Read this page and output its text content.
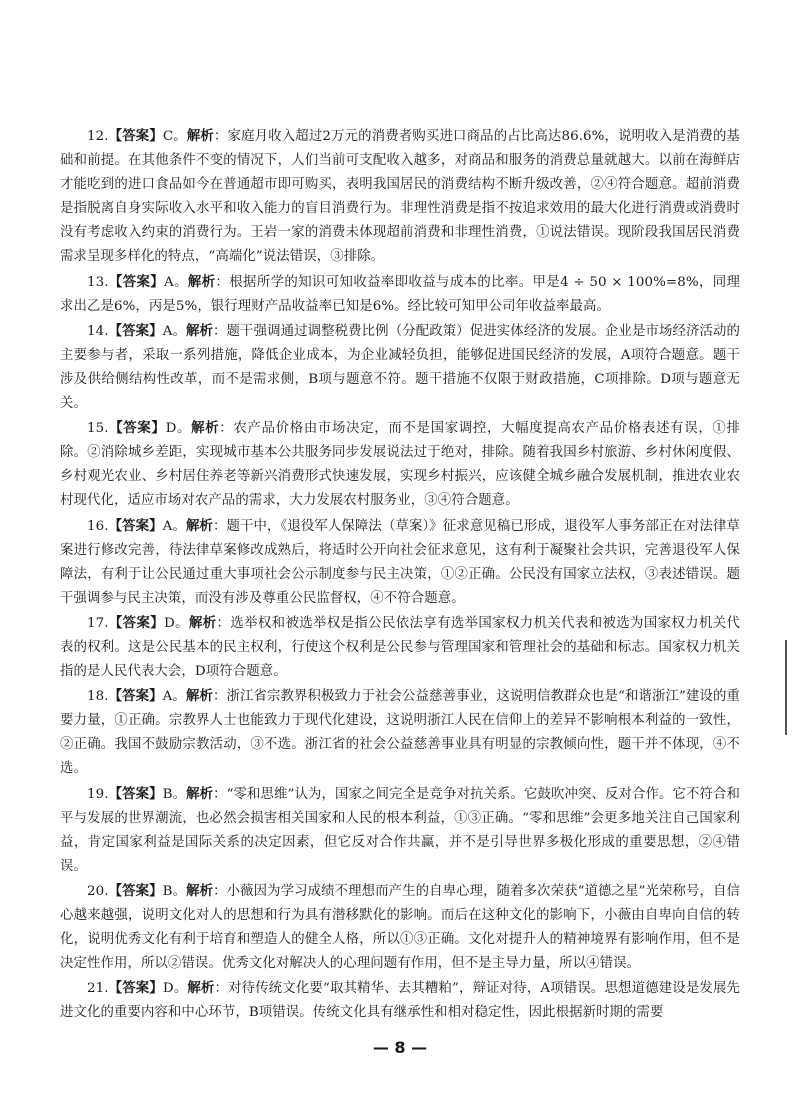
12.【答案】C。解析：家庭月收入超过2万元的消费者购买进口商品的占比高达86.6%，说明收入是消费的基础和前提。在其他条件不变的情况下，人们当前可支配收入越多，对商品和服务的消费总量就越大。以前在海鲜店才能吃到的进口食品如今在普通超市即可购买，表明我国居民的消费结构不断升级改善，②④符合题意。超前消费是指脱离自身实际收入水平和收入能力的盲目消费行为。非理性消费是指不按追求效用的最大化进行消费或消费时没有考虑收入约束的消费行为。王岩一家的消费未体现超前消费和非理性消费，①说法错误。现阶段我国居民消费需求呈现多样化的特点，“高端化”说法错误，③排除。

13.【答案】A。解析：根据所学的知识可知收益率即收益与成本的比率。甲是4 ÷ 50 × 100%=8%，同理求出乙是6%，丙是5%，银行理财产品收益率已知是6%。经比较可知甲公司年收益率最高。

14.【答案】A。解析：题干强调通过调整税费比例（分配政策）促进实体经济的发展。企业是市场经济活动的主要参与者，采取一系列措施，降低企业成本，为企业减轻负担，能够促进国民经济的发展，A项符合题意。题干涉及供给侧结构性改革，而不是需求侧，B项与题意不符。题干措施不仅限于财政措施，C项排除。D项与题意无关。

15.【答案】D。解析：农产品价格由市场决定，而不是国家调控，大幅度提高农产品价格表述有误，①排除。②消除城乡差距，实现城市基本公共服务同步发展说法过于绝对，排除。随着我国乡村旅游、乡村休闲度假、乡村观光农业、乡村居住养老等新兴消费形式快速发展，实现乡村振兴，应该健全城乡融合发展机制，推进农业农村现代化，适应市场对农产品的需求，大力发展农村服务业，③④符合题意。

16.【答案】A。解析：题干中，《退役军人保障法（草案）》征求意见稿已形成，退役军人事务部正在对法律草案进行修改完善，待法律草案修改成熟后，将适时公开向社会征求意见，这有利于凝聚社会共识，完善退役军人保障法，有利于让公民通过重大事项社会公示制度参与民主决策，①②正确。公民没有国家立法权，③表述错误。题干强调参与民主决策，而没有涉及尊重公民监督权，④不符合题意。

17.【答案】D。解析：选举权和被选举权是指公民依法享有选举国家权力机关代表和被选为国家权力机关代表的权利。这是公民基本的民主权利，行使这个权利是公民参与管理国家和管理社会的基础和标志。国家权力机关指的是人民代表大会，D项符合题意。

18.【答案】A。解析：浙江省宗教界积极致力于社会公益慈善事业，这说明信教群众也是“和谐浙江”建设的重要力量，①正确。宗教界人士也能致力于现代化建设，这说明浙江人民在信仰上的差异不影响根本利益的一致性，②正确。我国不鼓励宗教活动，③不选。浙江省的社会公益慈善事业具有明显的宗教倾向性，题干并不体现，④不选。

19.【答案】B。解析：“零和思维”认为，国家之间完全是竞争对抗关系。它鼓吹冲突、反对合作。它不符合和平与发展的世界潮流，也必然会损害相关国家和人民的根本利益，①③正确。“零和思维”会更多地关注自己国家利益，肯定国家利益是国际关系的决定因素，但它反对合作共赢，并不是引导世界多极化形成的重要思想，②④错误。

20.【答案】B。解析：小薇因为学习成绩不理想而产生的自卑心理，随着多次荣获“道德之星”光荣称号，自信心越来越强，说明文化对人的思想和行为具有潜移默化的影响。而后在这种文化的影响下，小薇由自卑向自信的转化，说明优秀文化有利于培育和塑造人的健全人格，所以①③正确。文化对提升人的精神境界有影响作用，但不是决定性作用，所以②错误。优秀文化对解决人的心理问题有作用，但不是主导力量，所以④错误。

21.【答案】D。解析：对待传统文化要“取其精华、去其糟粕”，辩证对待，A项错误。思想道德建设是发展先进文化的重要内容和中心环节，B项错误。传统文化具有继承性和相对稳定性，因此根据新时期的需要

— 8 —
